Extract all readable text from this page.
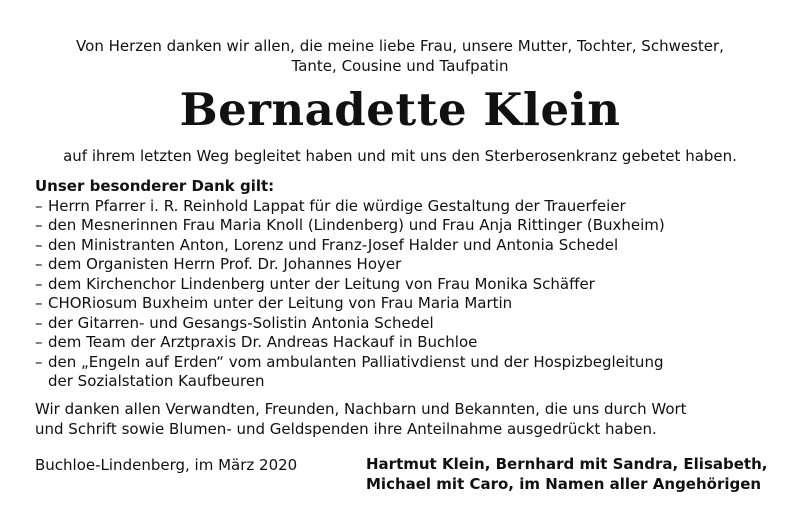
Von Herzen danken wir allen, die meine liebe Frau, unsere Mutter, Tochter, Schwester,
Tante, Cousine und Taufpatin
Bernadette Klein
auf ihrem letzten Weg begleitet haben und mit uns den Sterberosenkranz gebetet haben.
Unser besonderer Dank gilt:
– Herrn Pfarrer i. R. Reinhold Lappat für die würdige Gestaltung der Trauerfeier
– den Mesnerinnen Frau Maria Knoll (Lindenberg) und Frau Anja Rittinger (Buxheim)
– den Ministranten Anton, Lorenz und Franz-Josef Halder und Antonia Schedel
– dem Organisten Herrn Prof. Dr. Johannes Hoyer
– dem Kirchenchor Lindenberg unter der Leitung von Frau Monika Schäffer
– CHORiosum Buxheim unter der Leitung von Frau Maria Martin
– der Gitarren- und Gesangs-Solistin Antonia Schedel
– dem Team der Arztpraxis Dr. Andreas Hackauf in Buchloe
– den „Engeln auf Erden“ vom ambulanten Palliativdienst und der Hospizbegleitung
der Sozialstation Kaufbeuren
Wir danken allen Verwandten, Freunden, Nachbarn und Bekannten, die uns durch Wort
und Schrift sowie Blumen- und Geldspenden ihre Anteilnahme ausgedrückt haben.
Buchloe-Lindenberg, im März 2020	Hartmut Klein, Bernhard mit Sandra, Elisabeth,
Michael mit Caro, im Namen aller Angehörigen
